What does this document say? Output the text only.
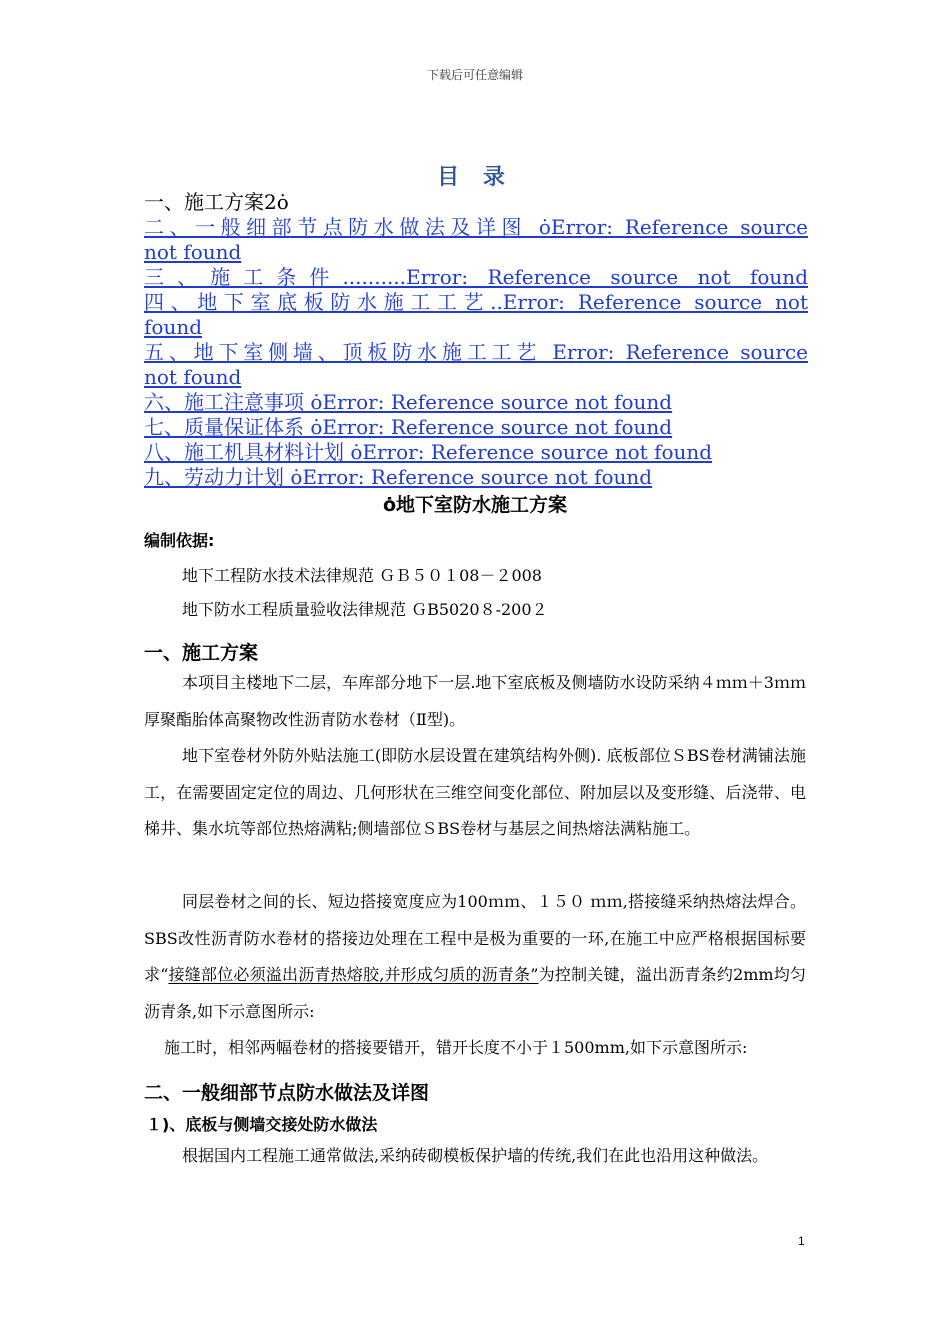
下载后可任意编辑
目 录
一、施工方案2ȯ
二、一般细部节点防水做法及详图 ȯError: Reference source
not found
三、施工条件..........Error: Reference source not found
四、地下室底板防水施工工艺..Error: Reference source not
found
五、地下室侧墙、顶板防水施工工艺 Error: Reference source
not found
六、施工注意事项 ȯError: Reference source not found
七、质量保证体系 ȯError: Reference source not found
八、施工机具材料计划 ȯError: Reference source not found
九、劳动力计划 ȯError: Reference source not found
ȯ地下室防水施工方案
编制依据:
地下工程防水技术法律规范 ＧＢ５０１08－２008
地下防水工程质量验收法律规范 ＧB5020８-200２
一、施工方案
本项目主楼地下二层，车库部分地下一层.地下室底板及侧墙防水设防采纳４ｍｍ＋3ｍｍ厚聚酯胎体高聚物改性沥青防水卷材（Ⅱ型)。
地下室卷材外防外贴法施工(即防水层设置在建筑结构外侧). 底板部位ＳBS卷材满铺法施工，在需要固定定位的周边、几何形状在三维空间变化部位、附加层以及变形缝、后浇带、电梯井、集水坑等部位热熔满粘;侧墙部位ＳBS卷材与基层之间热熔法满粘施工。
同层卷材之间的长、短边搭接宽度应为100ｍｍ、１５０ ｍｍ,搭接缝采纳热熔法焊合。SBS改性沥青防水卷材的搭接边处理在工程中是极为重要的一环,在施工中应严格根据国标要求“接缝部位必须溢出沥青热熔胶,并形成匀质的沥青条”为控制关键，溢出沥青条约2mm均匀沥青条,如下示意图所示:
施工时，相邻两幅卷材的搭接要错开，错开长度不小于１500mm,如下示意图所示:
二、一般细部节点防水做法及详图
１)、底板与侧墙交接处防水做法
根据国内工程施工通常做法,采纳砖砌模板保护墙的传统,我们在此也沿用这种做法。
1
